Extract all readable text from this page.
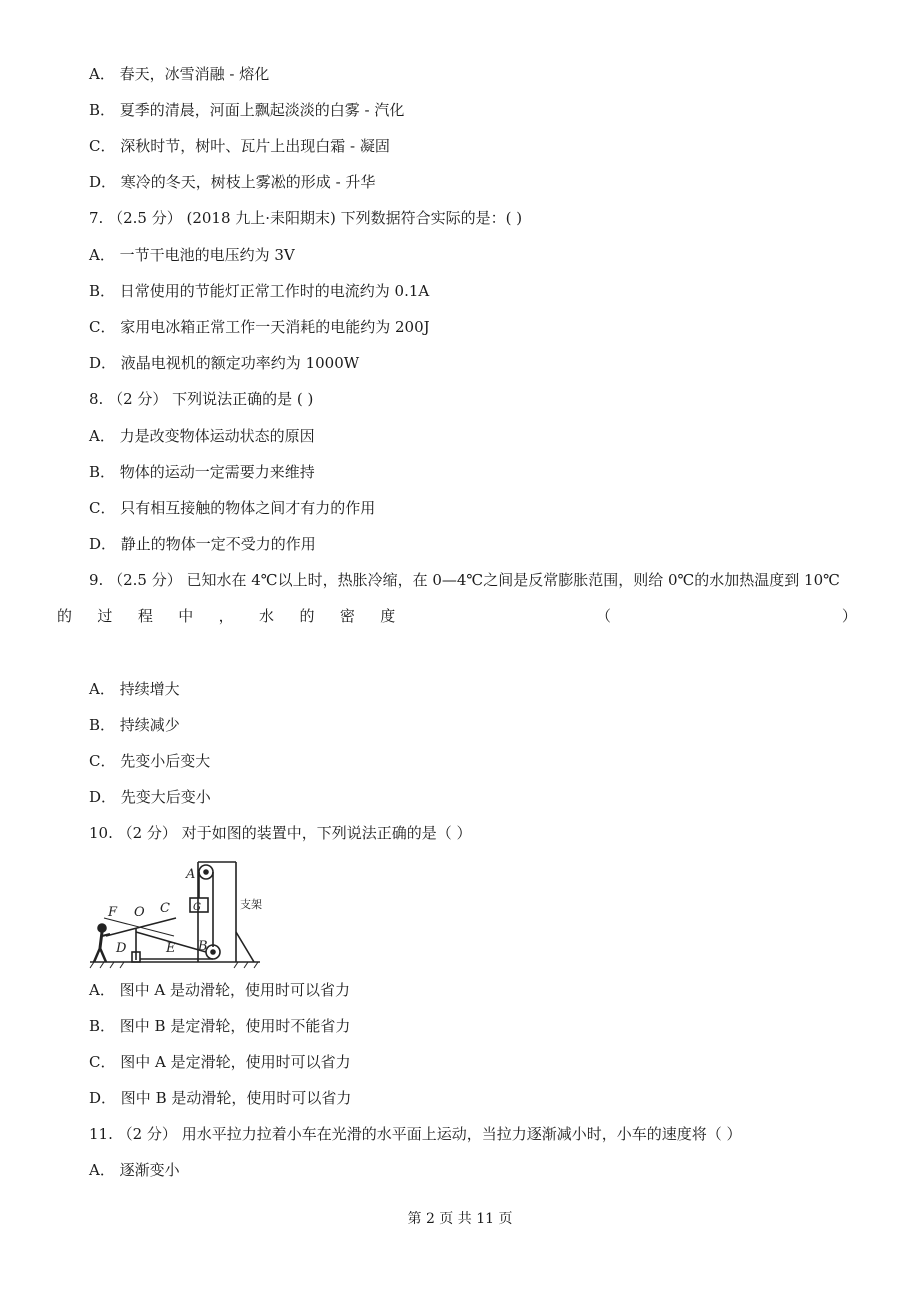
A． 春天，冰雪消融 - 熔化
B． 夏季的清晨，河面上飘起淡淡的白雾 - 汽化
C． 深秋时节，树叶、瓦片上出现白霜 - 凝固
D． 寒冷的冬天，树枝上雾凇的形成 - 升华
7. （2.5 分） (2018 九上·耒阳期末) 下列数据符合实际的是：( )
A． 一节干电池的电压约为 3V
B． 日常使用的节能灯正常工作时的电流约为 0.1A
C． 家用电冰箱正常工作一天消耗的电能约为 200J
D． 液晶电视机的额定功率约为 1000W
8. （2 分） 下列说法正确的是 ( )
A． 力是改变物体运动状态的原因
B． 物体的运动一定需要力来维持
C． 只有相互接触的物体之间才有力的作用
D． 静止的物体一定不受力的作用
9. （2.5 分） 已知水在 4℃以上时，热胀冷缩，在 0—4℃之间是反常膨胀范围，则给 0℃的水加热温度到 10℃
的 过 程 中 ， 水 的 密 度	（	）
A． 持续增大
B． 持续减少
C． 先变小后变大
D． 先变大后变小
10. （2 分） 对于如图的装置中，下列说法正确的是（ ）
A
F O C
D	E B
G	支架
A． 图中 A 是动滑轮，使用时可以省力
B． 图中 B 是定滑轮，使用时不能省力
C． 图中 A 是定滑轮，使用时可以省力
D． 图中 B 是动滑轮，使用时可以省力
11. （2 分） 用水平拉力拉着小车在光滑的水平面上运动，当拉力逐渐减小时，小车的速度将（ ）
A． 逐渐变小
第 2 页 共 11 页
